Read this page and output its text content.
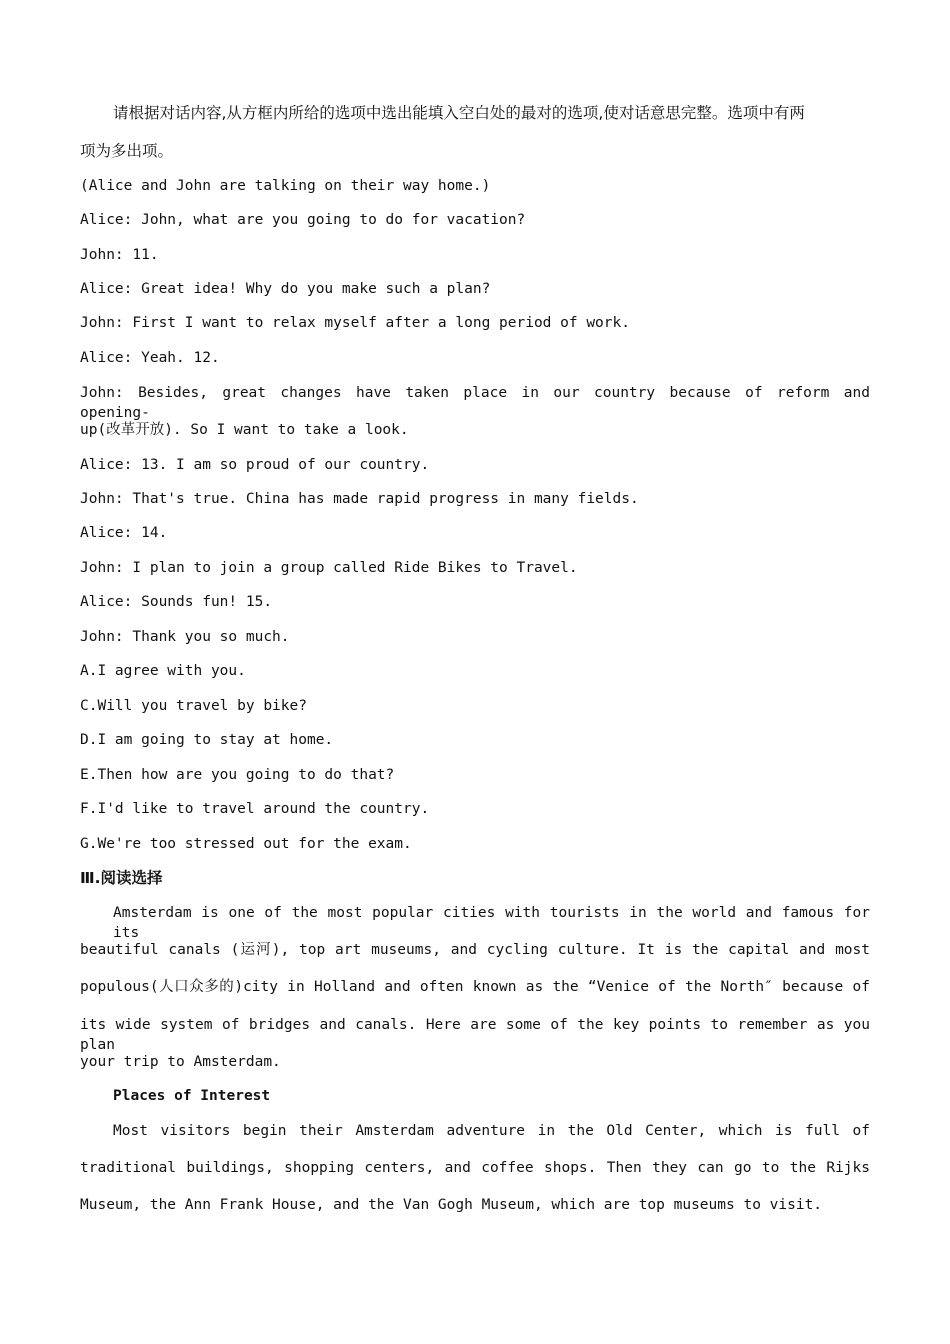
请根据对话内容,从方框内所给的选项中选出能填入空白处的最对的选项,使对话意思完整。选项中有两

项为多出项。

(Alice and John are talking on their way home.)

Alice: John, what are you going to do for vacation?

John: 11.

Alice: Great idea! Why do you make such a plan?

John: First I want to relax myself after a long period of work.

Alice: Yeah. 12.

John: Besides, great changes have taken place in our country because of reform and opening-

up(改革开放). So I want to take a look.

Alice: 13. I am so proud of our country.

John: That's true. China has made rapid progress in many fields.

Alice: 14.

John: I plan to join a group called Ride Bikes to Travel.

Alice: Sounds fun! 15.

John: Thank you so much.

A.I agree with you.

C.Will you travel by bike?

D.I am going to stay at home.

E.Then how are you going to do that?

F.I'd like to travel around the country.

G.We're too stressed out for the exam.

Ⅲ.阅读选择

Amsterdam is one of the most popular cities with tourists in the world and famous for its

beautiful canals (运河), top art museums, and cycling culture. It is the capital and most

populous(人口众多的)city in Holland and often known as the “Venice of the North″ because of

its wide system of bridges and canals. Here are some of the key points to remember as you plan

your trip to Amsterdam.

Places of Interest

Most visitors begin their Amsterdam adventure in the Old Center, which is full of

traditional buildings, shopping centers, and coffee shops. Then they can go to the Rijks

Museum, the Ann Frank House, and the Van Gogh Museum, which are top museums to visit.
